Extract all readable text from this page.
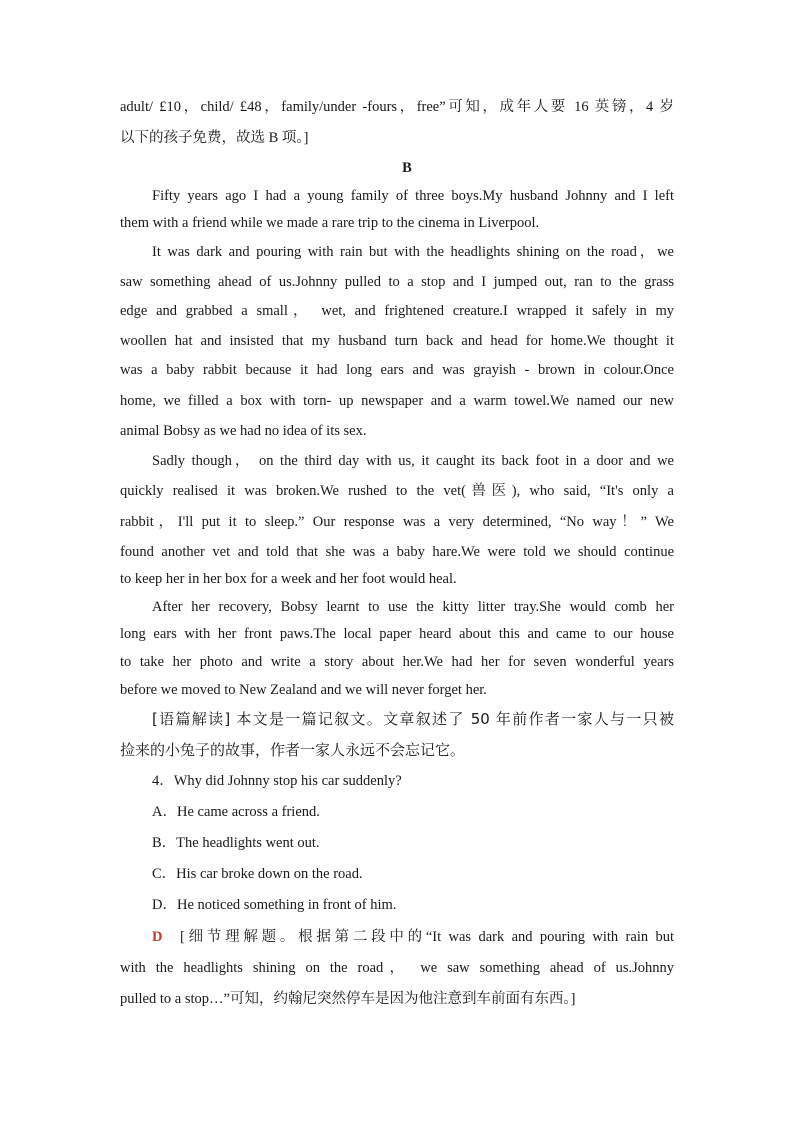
adult/ £10，child/ £48，family/under -fours，free”可知，成年人要 16 英镑，4 岁
以下的孩子免费，故选 B 项。]
B
Fifty years ago I had a young family of three boys.My husband Johnny and I left
them with a friend while we made a rare trip to the cinema in Liverpool.
It was dark and pouring with rain but with the headlights shining on the road，we
saw something ahead of us.Johnny pulled to a stop and I jumped out, ran to the grass
edge and grabbed a small， wet, and frightened creature.I wrapped it safely in my
woollen hat and insisted that my husband turn back and head for home.We thought it
was a baby rabbit because it had long ears and was grayish - brown in colour.Once
home, we filled a box with torn- up newspaper and a warm towel.We named our new
animal Bobsy as we had no idea of its sex.
Sadly though， on the third day with us, it caught its back foot in a door and we
quickly realised it was broken.We rushed to the vet(兽医), who said, “It's only a
rabbit，I'll put it to sleep.” Our response was a very determined, “No way！” We
found another vet and told that she was a baby hare.We were told we should continue
to keep her in her box for a week and her foot would heal.
After her recovery, Bobsy learnt to use the kitty litter tray.She would comb her
long ears with her front paws.The local paper heard about this and came to our house
to take her photo and write a story about her.We had her for seven wonderful years
before we moved to New Zealand and we will never forget her.
[语篇解读] 本文是一篇记叙文。文章叙述了 50 年前作者一家人与一只被
捡来的小兔子的故事，作者一家人永远不会忘记它。
4．Why did Johnny stop his car suddenly?
A．He came across a friend.
B．The headlights went out.
C．His car broke down on the road.
D．He noticed something in front of him.
D	[细节理解题。根据第二段中的“It was dark and pouring with rain but
with the headlights shining on the road， we saw something ahead of us.Johnny
pulled to a stop…”可知，约翰尼突然停车是因为他注意到车前面有东西。]
